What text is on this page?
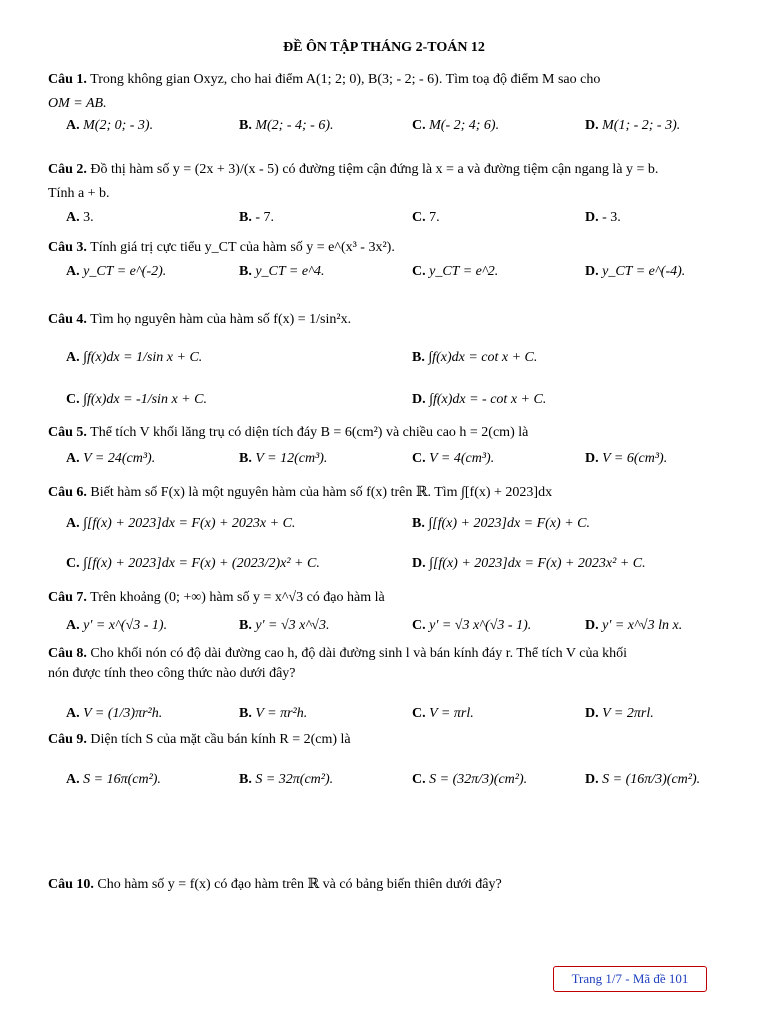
ĐỀ ÔN TẬP THÁNG 2-TOÁN 12
Câu 1. Trong không gian Oxyz, cho hai điểm A(1; 2; 0), B(3; - 2; - 6). Tìm toạ độ điểm M sao cho
OM = AB.
A. M(2; 0; - 3).	B. M(2; - 4; - 6).	C. M(- 2; 4; 6).	D. M(1; - 2; - 3).
Câu 2. Đồ thị hàm số y = (2x + 3)/(x - 5) có đường tiệm cận đứng là x = a và đường tiệm cận ngang là y = b.
Tính a + b.
A. 3.	B. - 7.	C. 7.	D. - 3.
Câu 3. Tính giá trị cực tiểu y_CT của hàm số y = e^(x³ - 3x²).
A. y_CT = e^(-2).	B. y_CT = e^4.	C. y_CT = e^2.	D. y_CT = e^(-4).
Câu 4. Tìm họ nguyên hàm của hàm số f(x) = 1/sin²x.
A. ∫f(x)dx = 1/sin x + C.	B. ∫f(x)dx = cot x + C.
C. ∫f(x)dx = -1/sin x + C.	D. ∫f(x)dx = - cot x + C.
Câu 5. Thể tích V khối lăng trụ có diện tích đáy B = 6(cm²) và chiều cao h = 2(cm) là
A. V = 24(cm³).	B. V = 12(cm³).	C. V = 4(cm³).	D. V = 6(cm³).
Câu 6. Biết hàm số F(x) là một nguyên hàm của hàm số f(x) trên ℝ. Tìm ∫[f(x) + 2023]dx
A. ∫[f(x) + 2023]dx = F(x) + 2023x + C.	B. ∫[f(x) + 2023]dx = F(x) + C.
C. ∫[f(x) + 2023]dx = F(x) + (2023/2)x² + C.	D. ∫[f(x) + 2023]dx = F(x) + 2023x² + C.
Câu 7. Trên khoảng (0; +∞) hàm số y = x^√3 có đạo hàm là
A. y' = x^(√3 - 1).	B. y' = √3 x^√3.	C. y' = √3 x^(√3 - 1).	D. y' = x^√3 ln x.
Câu 8. Cho khối nón có độ dài đường cao h, độ dài đường sinh l và bán kính đáy r. Thể tích V của khối
nón được tính theo công thức nào dưới đây?
A. V = (1/3)πr²h.	B. V = πr²h.	C. V = πrl.	D. V = 2πrl.
Câu 9. Diện tích S của mặt cầu bán kính R = 2(cm) là
A. S = 16π(cm²).	B. S = 32π(cm²).	C. S = (32π/3)(cm²).	D. S = (16π/3)(cm²).
Câu 10. Cho hàm số y = f(x) có đạo hàm trên ℝ và có bảng biến thiên dưới đây?
Trang 1/7 - Mã đề 101
